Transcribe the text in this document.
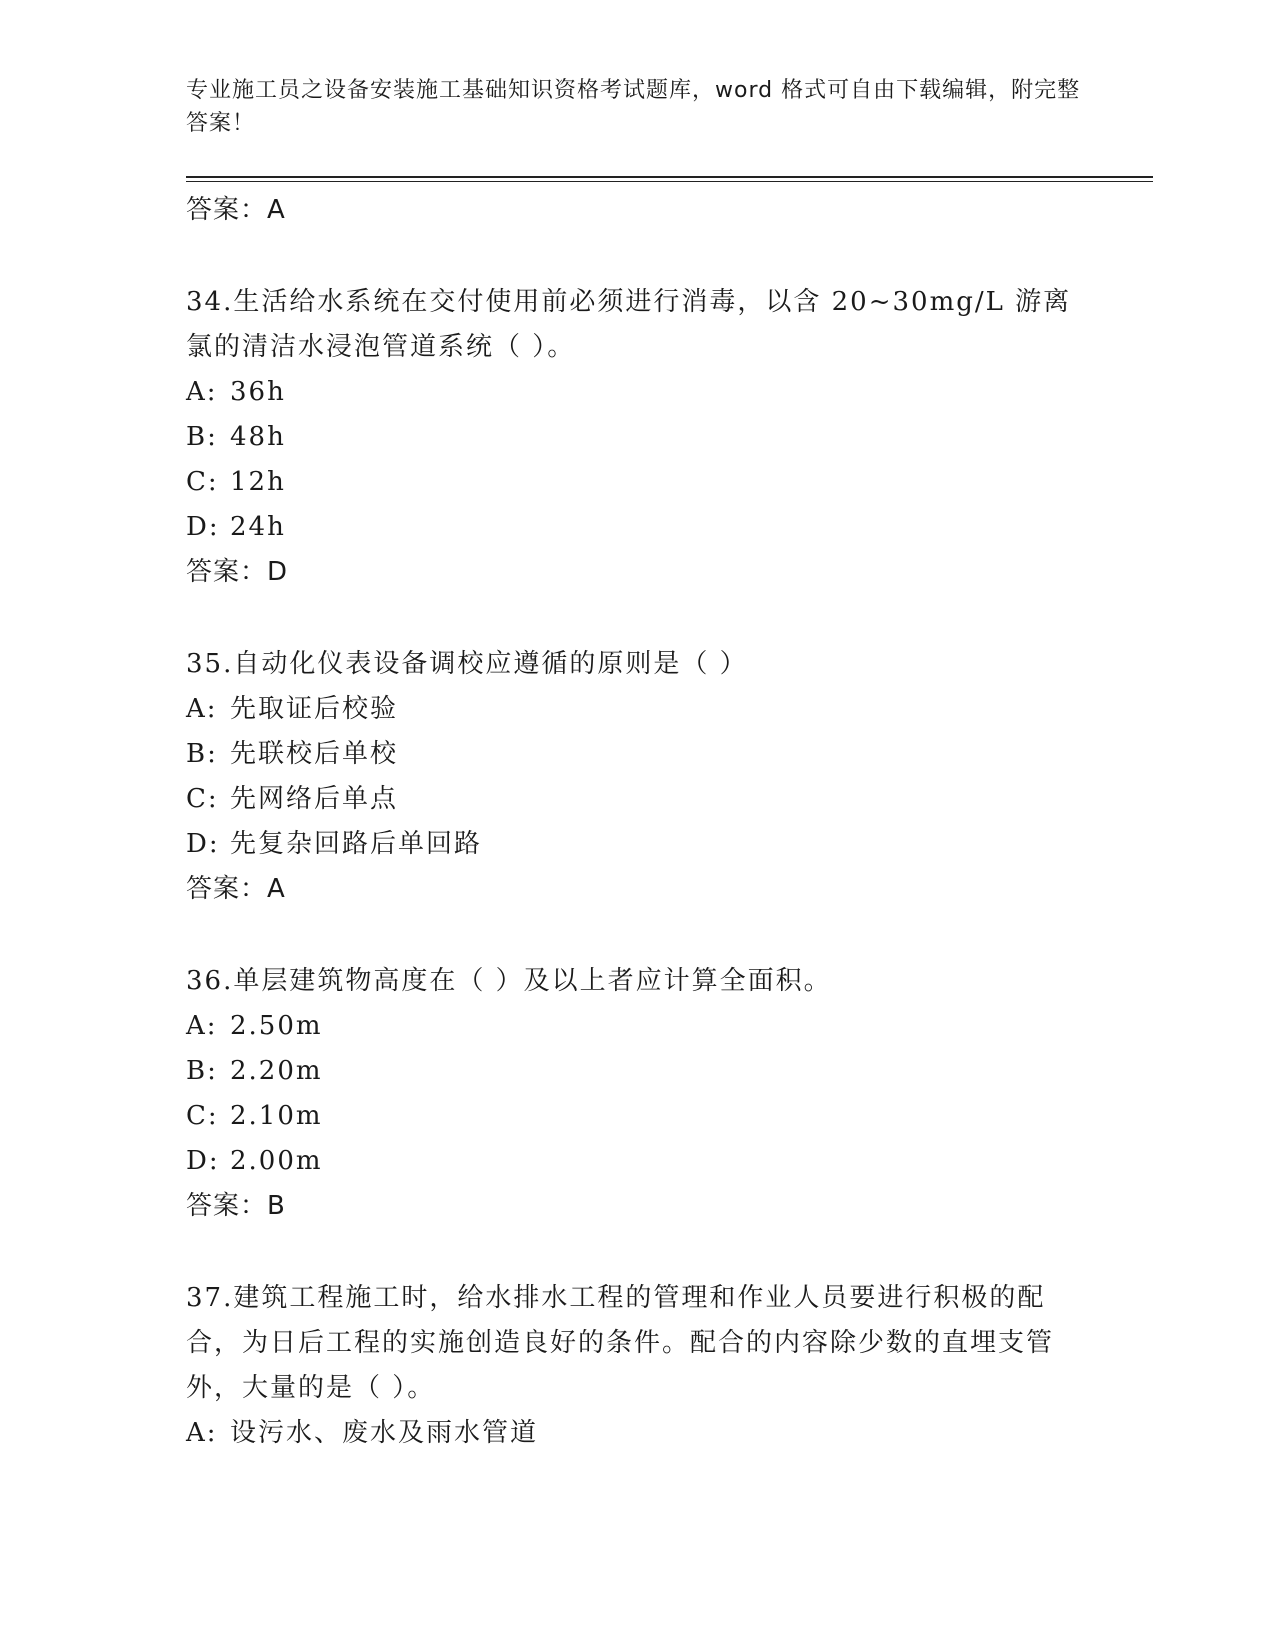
专业施工员之设备安装施工基础知识资格考试题库，word 格式可自由下载编辑，附完整答案！
答案：A
34.生活给水系统在交付使用前必须进行消毒，以含 20~30mg/L 游离氯的清洁水浸泡管道系统（ ）。
A: 36h
B: 48h
C: 12h
D: 24h
答案：D
35.自动化仪表设备调校应遵循的原则是（ ）
A: 先取证后校验
B: 先联校后单校
C: 先网络后单点
D: 先复杂回路后单回路
答案：A
36.单层建筑物高度在（ ）及以上者应计算全面积。
A: 2.50m
B: 2.20m
C: 2.10m
D: 2.00m
答案：B
37.建筑工程施工时，给水排水工程的管理和作业人员要进行积极的配合，为日后工程的实施创造良好的条件。配合的内容除少数的直埋支管外，大量的是（ ）。
A: 设污水、废水及雨水管道
